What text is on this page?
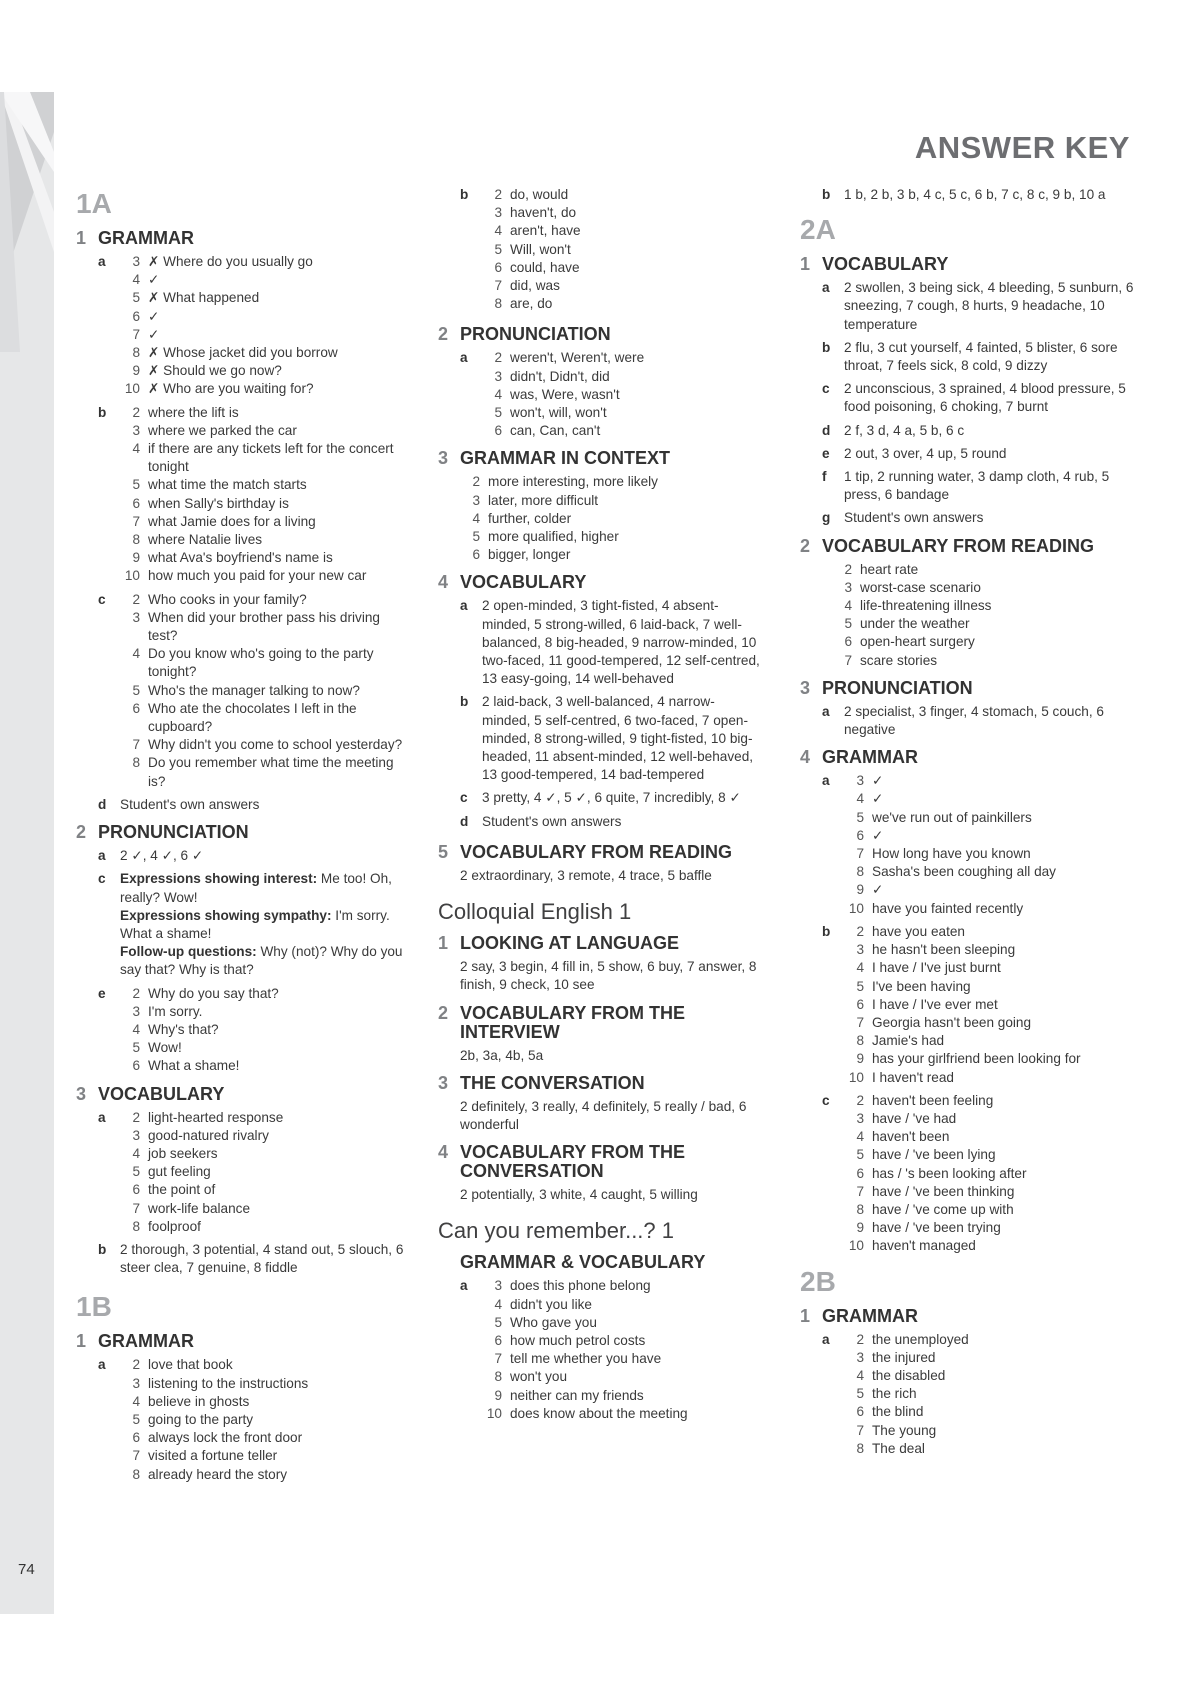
74
ANSWER KEY
1A
1 GRAMMAR
a	3 ✗ Where do you usually go
4 ✓
5 ✗ What happened
6 ✓
7 ✓
8 ✗ Whose jacket did you borrow
9 ✗ Should we go now?
10 ✗ Who are you waiting for?
b	2 where the lift is
3 where we parked the car
4 if there are any tickets left for the concert tonight
5 what time the match starts
6 when Sally's birthday is
7 what Jamie does for a living
8 where Natalie lives
9 what Ava's boyfriend's name is
10 how much you paid for your new car
c	2 Who cooks in your family?
3 When did your brother pass his driving test?
4 Do you know who's going to the party tonight?
5 Who's the manager talking to now?
6 Who ate the chocolates I left in the cupboard?
7 Why didn't you come to school yesterday?
8 Do you remember what time the meeting is?
d	Student's own answers
2 PRONUNCIATION
a	2 ✓, 4 ✓, 6 ✓
c	Expressions showing interest: Me too! Oh, really? Wow!
Expressions showing sympathy: I'm sorry. What a shame!
Follow-up questions: Why (not)? Why do you say that? Why is that?
e	2 Why do you say that?
3 I'm sorry.
4 Why's that?
5 Wow!
6 What a shame!
3 VOCABULARY
a	2 light-hearted response
3 good-natured rivalry
4 job seekers
5 gut feeling
6 the point of
7 work-life balance
8 foolproof
b	2 thorough, 3 potential, 4 stand out, 5 slouch, 6 steer clea, 7 genuine, 8 fiddle
1B
1 GRAMMAR
a	2 love that book
3 listening to the instructions
4 believe in ghosts
5 going to the party
6 always lock the front door
7 visited a fortune teller
8 already heard the story
b	2 do, would
3 haven't, do
4 aren't, have
5 Will, won't
6 could, have
7 did, was
8 are, do
2 PRONUNCIATION
a	2 weren't, Weren't, were
3 didn't, Didn't, did
4 was, Were, wasn't
5 won't, will, won't
6 can, Can, can't
3 GRAMMAR IN CONTEXT
2 more interesting, more likely
3 later, more difficult
4 further, colder
5 more qualified, higher
6 bigger, longer
4 VOCABULARY
a	2 open-minded, 3 tight-fisted, 4 absent-minded, 5 strong-willed, 6 laid-back, 7 well-balanced, 8 big-headed, 9 narrow-minded, 10 two-faced, 11 good-tempered, 12 self-centred, 13 easy-going, 14 well-behaved
b	2 laid-back, 3 well-balanced, 4 narrow-minded, 5 self-centred, 6 two-faced, 7 open-minded, 8 strong-willed, 9 tight-fisted, 10 big-headed, 11 absent-minded, 12 well-behaved, 13 good-tempered, 14 bad-tempered
c	3 pretty, 4 ✓, 5 ✓, 6 quite, 7 incredibly, 8 ✓
d	Student's own answers
5 VOCABULARY FROM READING
2 extraordinary, 3 remote, 4 trace, 5 baffle
Colloquial English 1
1 LOOKING AT LANGUAGE
2 say, 3 begin, 4 fill in, 5 show, 6 buy, 7 answer, 8 finish, 9 check, 10 see
2 VOCABULARY FROM THE INTERVIEW
2b, 3a, 4b, 5a
3 THE CONVERSATION
2 definitely, 3 really, 4 definitely, 5 really / bad, 6 wonderful
4 VOCABULARY FROM THE CONVERSATION
2 potentially, 3 white, 4 caught, 5 willing
Can you remember...? 1
GRAMMAR & VOCABULARY
a	3 does this phone belong
4 didn't you like
5 Who gave you
6 how much petrol costs
7 tell me whether you have
8 won't you
9 neither can my friends
10 does know about the meeting
b	1 b, 2 b, 3 b, 4 c, 5 c, 6 b, 7 c, 8 c, 9 b, 10 a
2A
1 VOCABULARY
a	2 swollen, 3 being sick, 4 bleeding, 5 sunburn, 6 sneezing, 7 cough, 8 hurts, 9 headache, 10 temperature
b	2 flu, 3 cut yourself, 4 fainted, 5 blister, 6 sore throat, 7 feels sick, 8 cold, 9 dizzy
c	2 unconscious, 3 sprained, 4 blood pressure, 5 food poisoning, 6 choking, 7 burnt
d	2 f, 3 d, 4 a, 5 b, 6 c
e	2 out, 3 over, 4 up, 5 round
f	1 tip, 2 running water, 3 damp cloth, 4 rub, 5 press, 6 bandage
g	Student's own answers
2 VOCABULARY FROM READING
2 heart rate
3 worst-case scenario
4 life-threatening illness
5 under the weather
6 open-heart surgery
7 scare stories
3 PRONUNCIATION
a	2 specialist, 3 finger, 4 stomach, 5 couch, 6 negative
4 GRAMMAR
a	3 ✓
4 ✓
5 we've run out of painkillers
6 ✓
7 How long have you known
8 Sasha's been coughing all day
9 ✓
10 have you fainted recently
b	2 have you eaten
3 he hasn't been sleeping
4 I have / I've just burnt
5 I've been having
6 I have / I've ever met
7 Georgia hasn't been going
8 Jamie's had
9 has your girlfriend been looking for
10 I haven't read
c	2 haven't been feeling
3 have / 've had
4 haven't been
5 have / 've been lying
6 has / 's been looking after
7 have / 've been thinking
8 have / 've come up with
9 have / 've been trying
10 haven't managed
2B
1 GRAMMAR
a	2 the unemployed
3 the injured
4 the disabled
5 the rich
6 the blind
7 The young
8 The deal
